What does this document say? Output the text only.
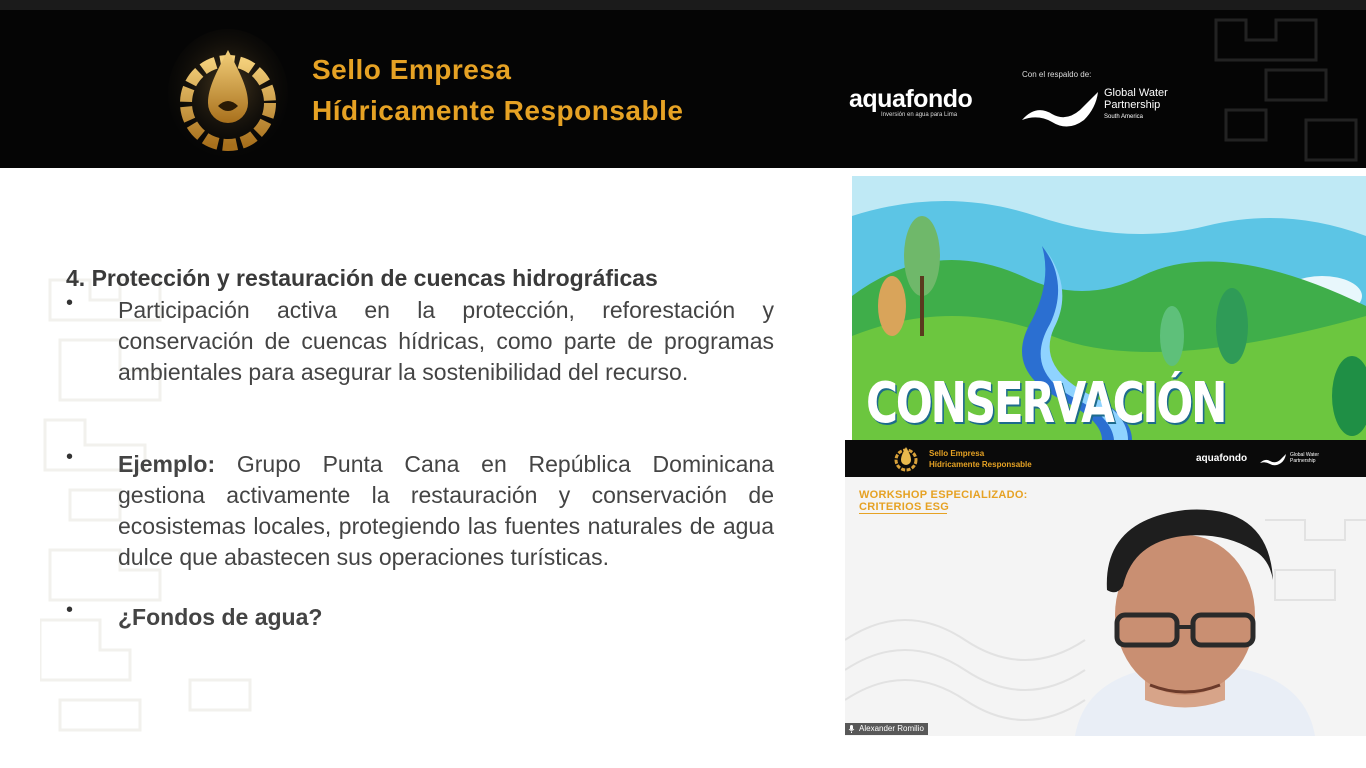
Sello Empresa
Hídricamente Responsable	aquafondo
Inversión en agua para Lima
Con el respaldo de:
Global Water
Partnership
South America
4. Protección y restauración de cuencas hidrográficas
• Participación activa en la protección, reforestación y conservación de cuencas hídricas, como parte de programas ambientales para asegurar la sostenibilidad del recurso.
• Ejemplo: Grupo Punta Cana en República Dominicana gestiona activamente la restauración y conservación de ecosistemas locales, protegiendo las fuentes naturales de agua dulce que abastecen sus operaciones turísticas.
• ¿Fondos de agua?
CONSERVACIÓN
Sello Empresa
Hídricamente Responsable
aquafondo	Global Water
Partnership
WORKSHOP ESPECIALIZADO:
CRITERIOS ESG
Alexander Romilio
